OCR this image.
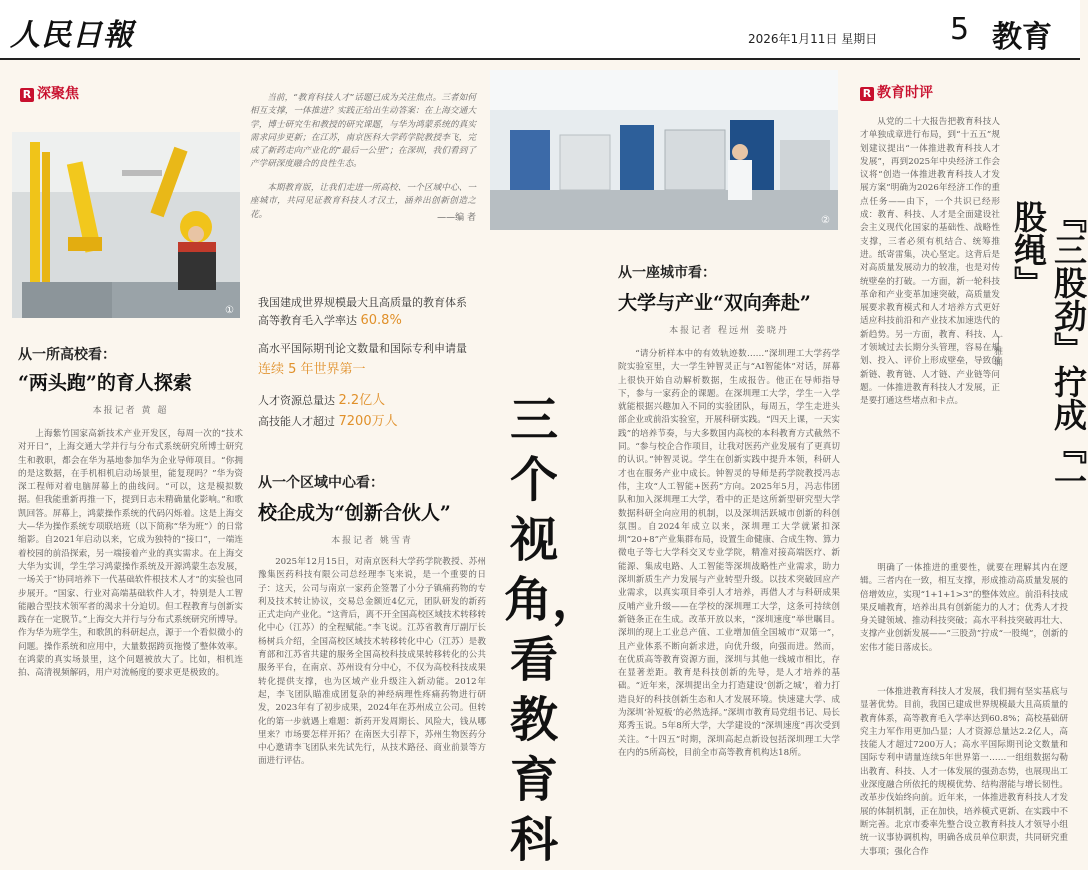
人民日報	2026年1月11日 星期日 5 教育
R 深聚焦
①

当前，“教育科技人才”话题已成为关注焦点。三者如何相互支撑，一体推进？实践正给出生动答案：在上海交通大学，博士研究生和教授的研究课题，与华为鸿蒙系统的真实需求同步更新；在江苏，南京医科大学药学院教授李飞，完成了新药走向产业化的“最后一公里”；在深圳，我们看到了产学研深度融合的良性生态。

本期教育版，让我们走进一所高校、一个区域中心、一座城市，共同见证教育科技人才汉土，涵养出创新创造之花。	——编 者	②
我国建成世界规模最大且高质量的教育体系
高等教育毛入学率达 60.8%
高水平国际期刊论文数量和国际专利申请量
连续 5 年世界第一
人才资源总量达 2.2亿人
高技能人才超过 7200万人
从一所高校看：
“两头跑”的育人探索
本报记者 黄 超

上海紫竹国家高新技术产业开发区，每周一次的“技术对开日”，上海交通大学并行与分布式系统研究所博士研究生和教职，都会在华为基地参加华为企业导师项目。“你拥的是这数据，在手机相机启动场景里，能复现吗？”华为资深工程师对着电脑屏幕上的曲线问。“可以，这是模拟数据。但我能重新再推一下，提到日志未精确量化影响。”和歌凯回答。屏幕上，鸿蒙操作系统的代码闪烁着。这是上海交大—华为操作系统专项联培班（以下简称“华为班”）的日常缩影。自2021年启动以来，它成为独特的“接口”，一端连着校园的前沿探索，另一端接着产业的真实需求。在上海交大华为实训，学生学习鸿蒙操作系统及开源鸿蒙生态发展，一场关于“协同培养下一代基础软件根技术人才”的实验也同步展开。“国家、行业对高端基础软件人才，特别是人工智能融合型技术领军者的渴求十分迫切。但工程教育与创新实践存在一定脱节。”上海交大并行与分布式系统研究所博导。作为华为班学生，和歌凯的科研起点，源于一个看似微小的问题。操作系统和应用中，大量数据跨页拖慢了整体效率。在鸿蒙的真实场景里，这个问题被放大了。比如，相机连拍、高清视频解码，用户对流畅度的要求更是极致的。

从一个区域中心看：
校企成为“创新合伙人”
本报记者 姚雪青

2025年12月15日，对南京医科大学药学院教授、苏州豫集医药科技有限公司总经理李飞来说，是一个重要的日子：这天，公司与南京一家药企签署了小分子镇痛药物的专利及技术转让协议，交易总金额近4亿元，团队研发的新药正式走向产业化。“这背后，离不开全国高校区域技术转移转化中心（江苏）的全程赋能。”李飞说。江苏省教育厅副厅长杨树兵介绍，全国高校区域技术转移转化中心（江苏）是教育部和江苏省共建的服务全国高校科技成果转移转化的公共服务平台，在南京、苏州设有分中心，不仅为高校科技成果转化提供支撑，也为区域产业升级注入新动能。2012年起，李飞团队瞄准成团复杂的神经病理性疼痛药物进行研发，2023年有了初步成果，2024年在苏州成立公司。但转化的第一步就遇上难题：新药开发周期长、风险大，钱从哪里来？市场要怎样开拓？在南医大引荐下，苏州生物医药分中心邀请李飞团队来先试先行，从技术路径、商业前景等方面进行评估。

三个视角，看教育科
从一座城市看：
大学与产业“双向奔赴”
本报记者 程远州 姜晓丹

“请分析样本中的有效轨迹数……”深圳理工大学药学院实验室里，大一学生钟智灵正与“AI智能体”对话，屏幕上很快开始自动解析数据，生成报告。他正在导师指导下，参与一家药企的课题。在深圳理工大学，学生一入学就能根据兴趣加入不同的实验团队，每周五，学生走进头部企业或前沿实验室，开展科研实践。“四天上课，一天实践”的培养节奏，与大多数国内高校的本科教育方式截然不同。“参与校企合作项目，让我对医药产业发展有了更真切的认识。”钟智灵说。学生在创新实践中提升本领，科研人才也在服务产业中成长。钟智灵的导师是药学院教授冯志伟，主攻“人工智能+医药”方向。2025年5月，冯志伟团队和加入深圳理工大学，看中的正是这所新型研究型大学数据科研全向应用的机制，以及深圳活跃城市创新的科创氛围。自2024年成立以来，深圳理工大学就紧扣深圳“20+8”产业集群布局，设置生命健康、合成生物、算力微电子等七大学科交叉专业学院，精准对接高端医疗、新能源、集成电路、人工智能等深圳战略性产业需求，助力深圳新质生产力发展与产业转型升级。以技术突破回应产业需求，以真实项目牵引人才培养，再借人才与科研成果反哺产业升级——在学校的深圳理工大学，这条可持续创新链条正在生成。改革开放以来，“深圳速度”举世瞩目。深圳的现上工业总产值、工业增加值全国城市“双第一”，且产业体系不断向新求进，向优升级，向强而进。然而，在优质高等教育资源方面，深圳与其他一线城市相比，存在显著差距。教育是科技创新的先导，是人才培养的基础。“近年来，深圳提出全力打造建设‘创新之城’，着力打造良好的科技创新生态和人才发展环境。快速建大学、成为深圳‘补短板’的必然选择。”深圳市教育局党组书记、局长郑秀玉说。5年8所大学，大学建设的“深圳速度”再次受到关注。“十四五”时期，深圳高起点新设包括深圳理工大学在内的5所高校，目前全市高等教育机构达18所。

R 教育时评

从党的二十大报告把教育科技人才单独成章进行布局，到“十五五”规划建议提出“一体推进教育科技人才发展”，再到2025年中央经济工作会议将“创造一体推进教育科技人才发展方案”明确为2026年经济工作的重点任务——由下，一个共识已经形成：教育、科技、人才是全面建设社会主义现代化国家的基础性、战略性支撑，三者必须有机结合、统筹推进。纸寄雷集，决心坚定。这背后是对高质量发展动力的较准，也是对传统壁垒的打破。一方面，新一轮科技革命和产业变革加速突破，高质量发展要求教育模式和人才培养方式更好适应科技前沿和产业技术加速迭代的新趋势。另一方面，教育、科技、人才领域过去长期分头管理，容易在规划、投入、评价上形成壁垒，导致创新链、教育链、人才链、产业链等问题。一体推进教育科技人才发展，正是要打通这些堵点和卡点。	『三股劲』拧成『一股绳』
丁雅诵

明确了一体推进的重要性，就要在理解其内在逻辑。三者内在一致，相互支撑，形成推动高质量发展的倍增效应，实现“1+1+1>3”的整体效应。前沿科技成果反哺教育，培养出具有创新能力的人才；优秀人才投身关键领域、推动科技突破；高水平科技突破再壮大、支撑产业创新发展——“三股劲”拧成“一股绳”，创新的宏伟才能日落成长。

一体推进教育科技人才发展，我们拥有坚实基底与显著优势。目前，我国已建成世界规模最大且高质量的教育体系，高等教育毛入学率达到60.8%；高校基础研究主力军作用更加凸显；人才资源总量达2.2亿人，高技能人才超过7200万人；高水平国际期刊论文数量和国际专利申请量连续5年世界第一……一组组数据勾勒出教育、科技、人才一体发展的强劲态势，也展现出工业深度融合所依托的规模优势、结构潜能与增长韧性。改革步伐始终向前。近年来，一体推进教育科技人才发展的体制机制，正在加快，培养模式更新、在实践中不断完善。北京市委率先整合设立教育科技人才领导小组统一议事协调机构，明确各成员单位职责，共同研究重大事项；强化合作
